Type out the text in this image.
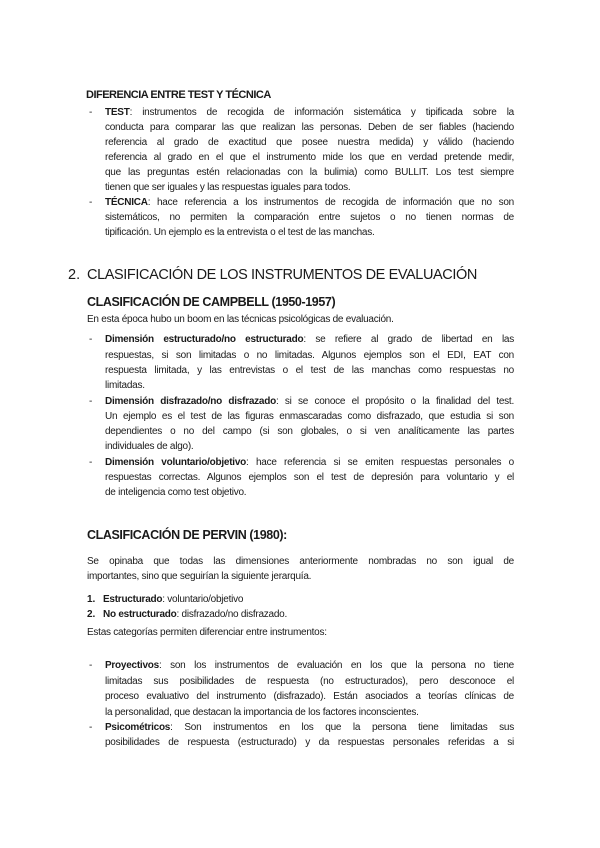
DIFERENCIA ENTRE TEST Y TÉCNICA
- TEST: instrumentos de recogida de información sistemática y tipificada sobre la
conducta para comparar las que realizan las personas. Deben de ser fiables (haciendo
referencia al grado de exactitud que posee nuestra medida) y válido (haciendo
referencia al grado en el que el instrumento mide los que en verdad pretende medir,
que las preguntas estén relacionadas con la bulimia) como BULLIT. Los test siempre
tienen que ser iguales y las respuestas iguales para todos.
- TÉCNICA: hace referencia a los instrumentos de recogida de información que no son
sistemáticos, no permiten la comparación entre sujetos o no tienen normas de
tipificación. Un ejemplo es la entrevista o el test de las manchas.
2. CLASIFICACIÓN DE LOS INSTRUMENTOS DE EVALUACIÓN
CLASIFICACIÓN DE CAMPBELL (1950-1957)
En esta época hubo un boom en las técnicas psicológicas de evaluación.
- Dimensión estructurado/no estructurado: se refiere al grado de libertad en las
respuestas, si son limitadas o no limitadas. Algunos ejemplos son el EDI, EAT con
respuesta limitada, y las entrevistas o el test de las manchas como respuestas no
limitadas.
- Dimensión disfrazado/no disfrazado: si se conoce el propósito o la finalidad del test.
Un ejemplo es el test de las figuras enmascaradas como disfrazado, que estudia si son
dependientes o no del campo (si son globales, o si ven analíticamente las partes
individuales de algo).
- Dimensión voluntario/objetivo: hace referencia si se emiten respuestas personales o
respuestas correctas. Algunos ejemplos son el test de depresión para voluntario y el
de inteligencia como test objetivo.
CLASIFICACIÓN DE PERVIN (1980):
Se opinaba que todas las dimensiones anteriormente nombradas no son igual de
importantes, sino que seguirían la siguiente jerarquía.
1. Estructurado: voluntario/objetivo
2. No estructurado: disfrazado/no disfrazado.
Estas categorías permiten diferenciar entre instrumentos:
- Proyectivos: son los instrumentos de evaluación en los que la persona no tiene
limitadas sus posibilidades de respuesta (no estructurados), pero desconoce el
proceso evaluativo del instrumento (disfrazado). Están asociados a teorías clínicas de
la personalidad, que destacan la importancia de los factores inconscientes.
- Psicométricos: Son instrumentos en los que la persona tiene limitadas sus
posibilidades de respuesta (estructurado) y da respuestas personales referidas a si
